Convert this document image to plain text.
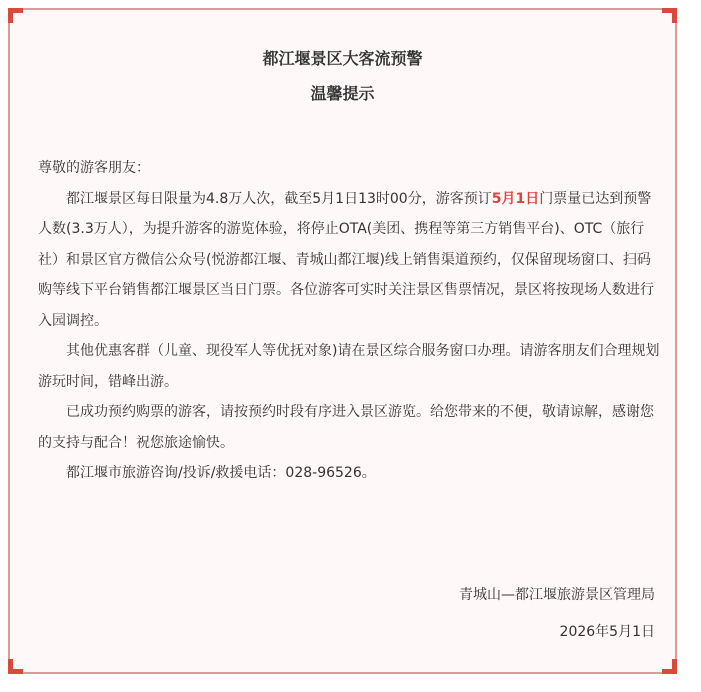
都江堰景区大客流预警
温馨提示

尊敬的游客朋友：

都江堰景区每日限量为4.8万人次，截至5月1日13时00分，游客预订5月1日门票量已达到预警人数(3.3万人），为提升游客的游览体验，将停止OTA(美团、携程等第三方销售平台)、OTC（旅行社）和景区官方微信公众号(悦游都江堰、青城山都江堰)线上销售渠道预约，仅保留现场窗口、扫码购等线下平台销售都江堰景区当日门票。各位游客可实时关注景区售票情况，景区将按现场人数进行入园调控。

其他优惠客群（儿童、现役军人等优抚对象)请在景区综合服务窗口办理。请游客朋友们合理规划游玩时间，错峰出游。

已成功预约购票的游客，请按预约时段有序进入景区游览。给您带来的不便，敬请谅解，感谢您的支持与配合！祝您旅途愉快。

都江堰市旅游咨询/投诉/救援电话：028-96526。

青城山—都江堰旅游景区管理局
2026年5月1日
